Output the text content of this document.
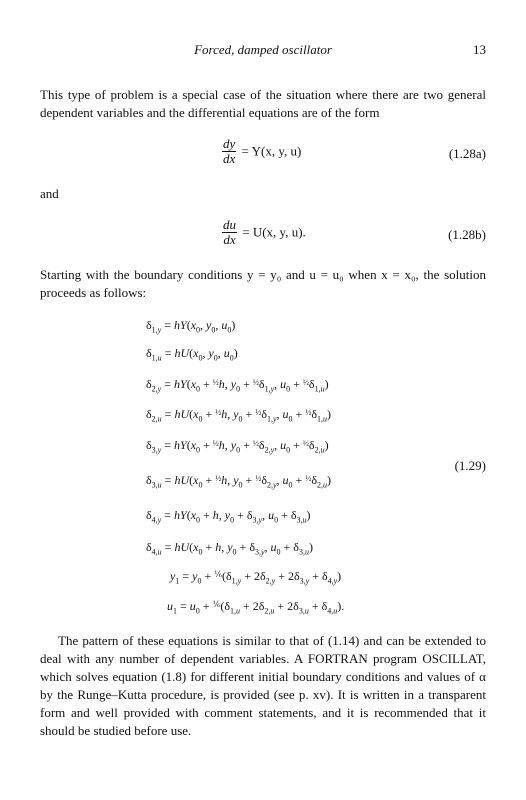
Forced, damped oscillator	13

This type of problem is a special case of the situation where there are two general dependent variables and the differential equations are of the form

$\frac{dy}{dx} = Y(x$, y, u)	(1.28a)
and
$\frac{du}{dx} = U(x$, y, u).	(1.28b)

Starting with the boundary conditions y = y₀ and u = u₀ when x = x₀, the solution proceeds as follows:

$\delta_{1,y} = hY(x_0$, $y_0$, $u_0$)
$\delta_{1,u} = hU(x_0$, $y_0$, $u_0$)
$\delta_{2,y} = hY(x_0 + ^{\frac{1}{2}}h$, $y_0 + ^{\frac{1}{2}}\delta_{1,y}$, $u_0 + ^{\frac{1}{2}}\delta_{1,u}$)
$\delta_{2,u} = hU(x_0 + ^{\frac{1}{2}}h$, $y_0 + ^{\frac{1}{2}}\delta_{1,y}$, $u_0 + ^{\frac{1}{2}}\delta_{1,u}$)
$\delta_{3,y} = hY(x_0 + ^{\frac{1}{2}}h$, $y_0 + ^{\frac{1}{2}}\delta_{2,y}$, $u_0 + ^{\frac{1}{2}}\delta_{2,u}$)
$\delta_{3,u} = hU(x_0 + ^{\frac{1}{2}}h$, $y_0 + ^{\frac{1}{2}}\delta_{2,y}$, $u_0 + ^{\frac{1}{2}}\delta_{2,u}$)
$\delta_{4,y} = hY(x_0 + h$, $y_0 + \delta_{3,y}$, $u_0 + \delta_{3,u}$)
$\delta_{4,u} = hU(x_0 + h$, $y_0 + \delta_{3,y}$, $u_0 + \delta_{3,u}$)
$y_1 = y_0 + ^{\frac{1}{6}}(\delta_{1,y} + 2\delta_{2,y} + 2\delta_{3,y} + \delta_{4,y})$
$u_1 = u_0 + ^{\frac{1}{6}}(\delta_{1,u} + 2\delta_{2,u} + 2\delta_{3,u} + \delta_{4,u})$.
(1.29)

The pattern of these equations is similar to that of (1.14) and can be extended to deal with any number of dependent variables. A FORTRAN program OSCILLAT, which solves equation (1.8) for different initial boundary conditions and values of α by the Runge–Kutta procedure, is provided (see p. xv). It is written in a transparent form and well provided with comment statements, and it is recommended that it should be studied before use.
